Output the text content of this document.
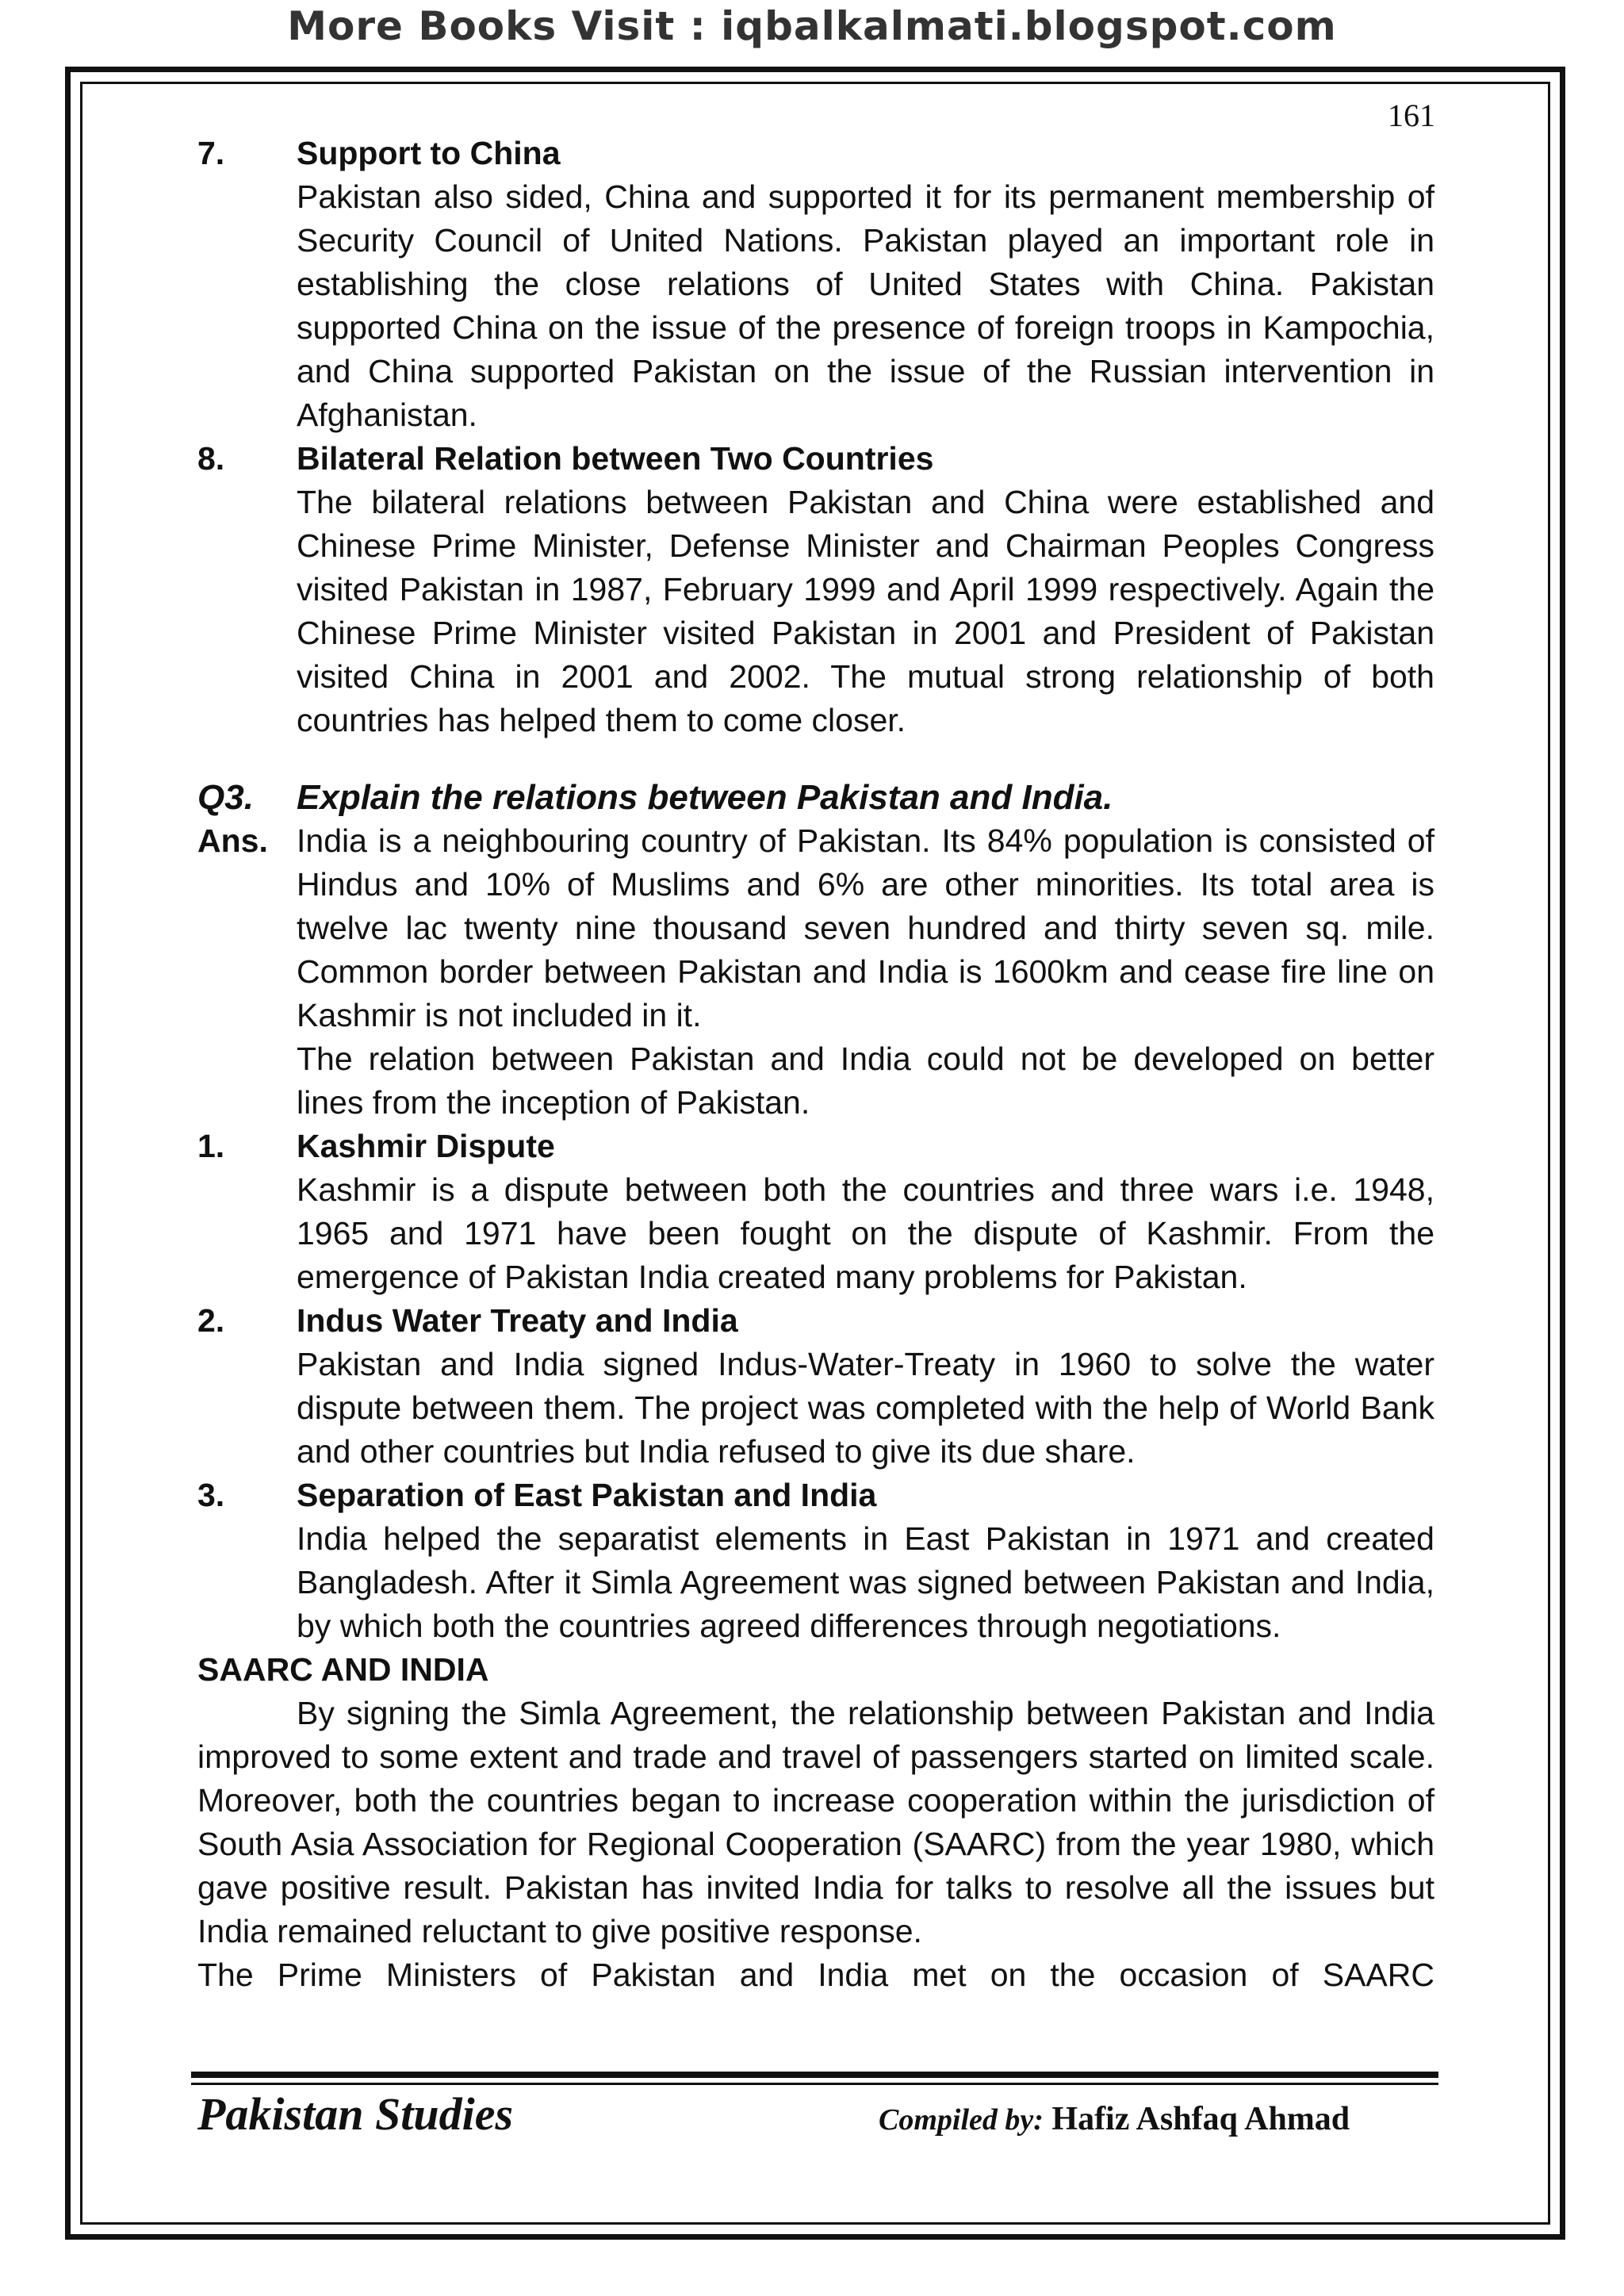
More Books Visit : iqbalkalmati.blogspot.com
161
7.	Support to China

Pakistan also sided, China and supported it for its permanent membership of Security Council of United Nations. Pakistan played an important role in establishing the close relations of United States with China. Pakistan supported China on the issue of the presence of foreign troops in Kampochia, and China supported Pakistan on the issue of the Russian intervention in Afghanistan.

8.	Bilateral Relation between Two Countries

The bilateral relations between Pakistan and China were established and Chinese Prime Minister, Defense Minister and Chairman Peoples Congress visited Pakistan in 1987, February 1999 and April 1999 respectively. Again the Chinese Prime Minister visited Pakistan in 2001 and President of Pakistan visited China in 2001 and 2002. The mutual strong relationship of both countries has helped them to come closer.

Q3.	Explain the relations between Pakistan and India.
Ans. India is a neighbouring country of Pakistan. Its 84% population is consisted of Hindus and 10% of Muslims and 6% are other minorities. Its total area is twelve lac twenty nine thousand seven hundred and thirty seven sq. mile. Common border between Pakistan and India is 1600km and cease fire line on Kashmir is not included in it.

The relation between Pakistan and India could not be developed on better lines from the inception of Pakistan.

1.	Kashmir Dispute

Kashmir is a dispute between both the countries and three wars i.e. 1948, 1965 and 1971 have been fought on the dispute of Kashmir. From the emergence of Pakistan India created many problems for Pakistan.

2.	Indus Water Treaty and India

Pakistan and India signed Indus-Water-Treaty in 1960 to solve the water dispute between them. The project was completed with the help of World Bank and other countries but India refused to give its due share.

3.	Separation of East Pakistan and India

India helped the separatist elements in East Pakistan in 1971 and created Bangladesh. After it Simla Agreement was signed between Pakistan and India, by which both the countries agreed differences through negotiations.

SAARC AND INDIA

By signing the Simla Agreement, the relationship between Pakistan and India improved to some extent and trade and travel of passengers started on limited scale. Moreover, both the countries began to increase cooperation within the jurisdiction of South Asia Association for Regional Cooperation (SAARC) from the year 1980, which gave positive result. Pakistan has invited India for talks to resolve all the issues but India remained reluctant to give positive response.

The Prime Ministers of Pakistan and India met on the occasion of SAARC

Pakistan Studies	Compiled by: Hafiz Ashfaq Ahmad
